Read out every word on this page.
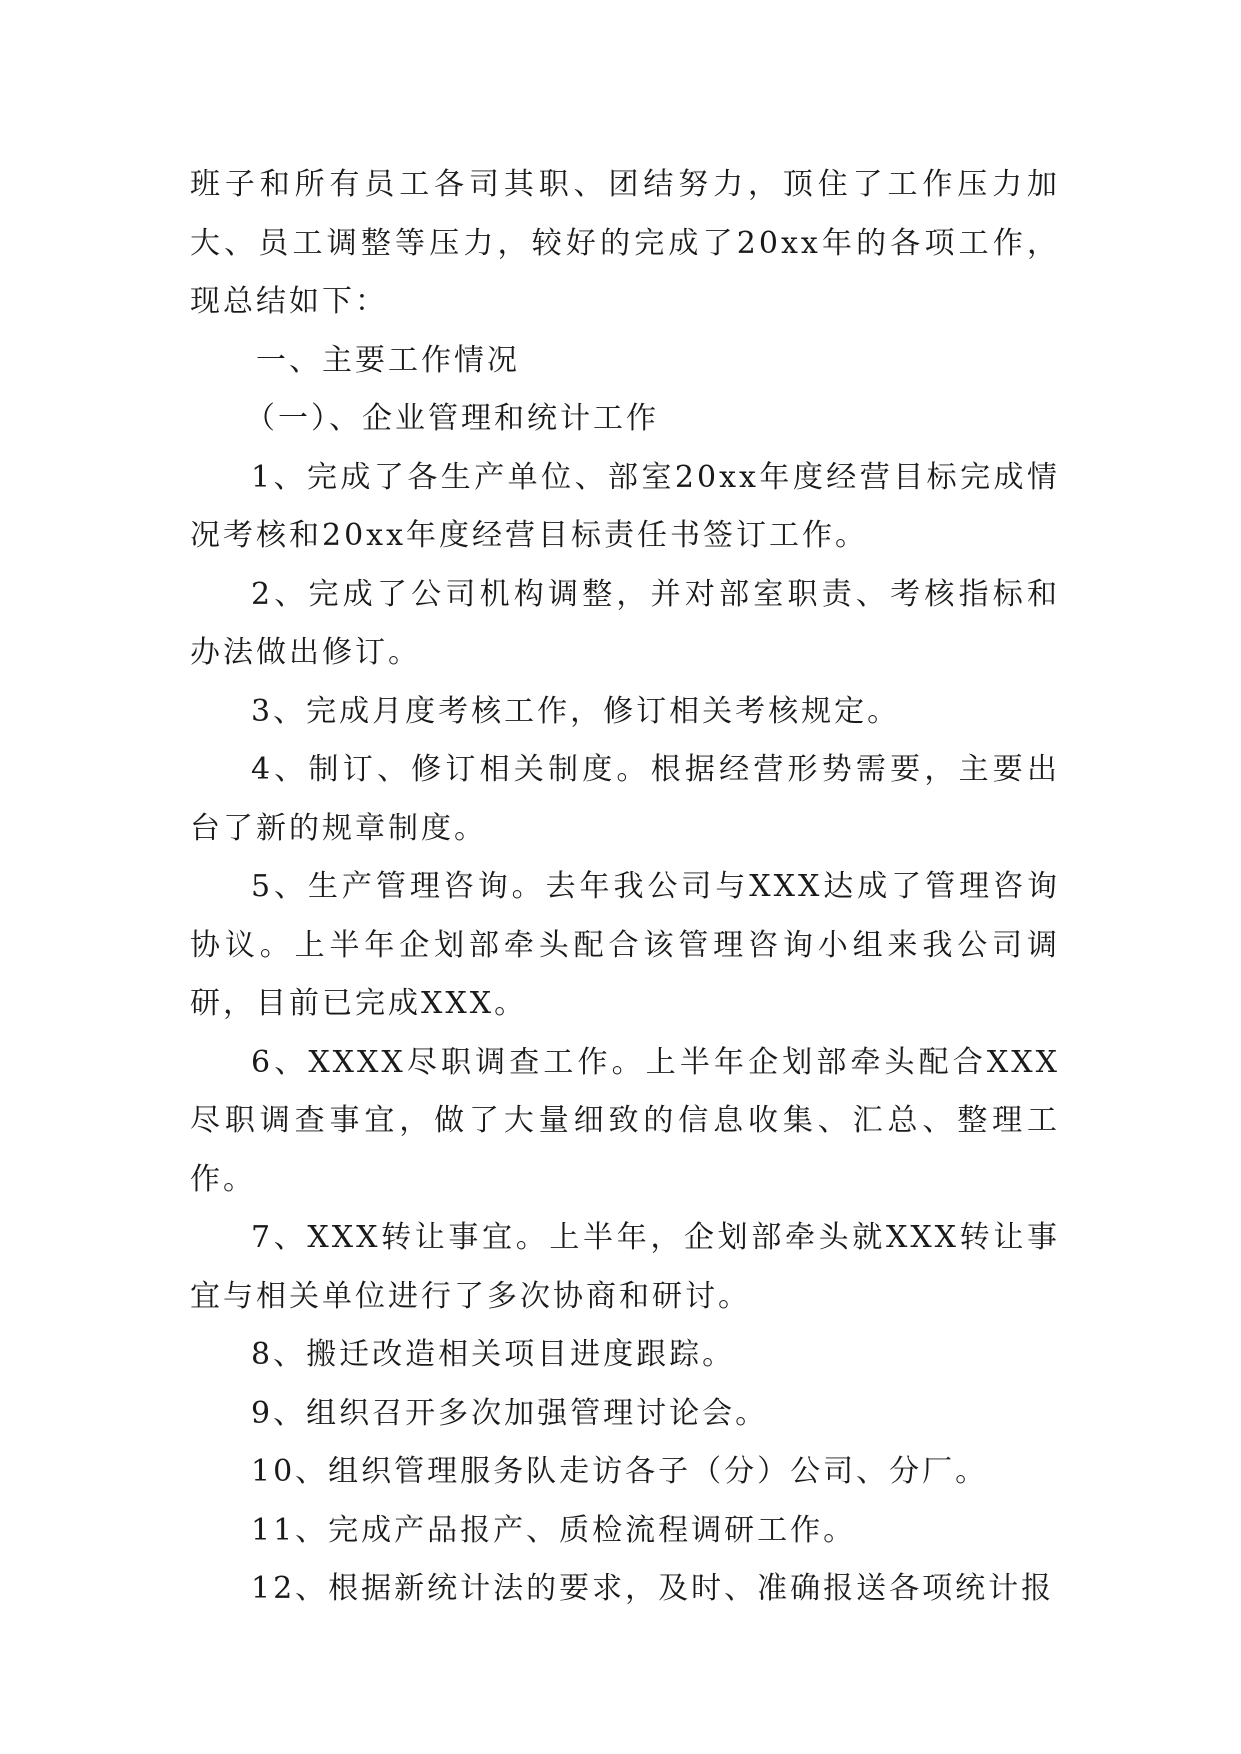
班子和所有员工各司其职、团结努力，顶住了工作压力加大、员工调整等压力，较好的完成了20xx年的各项工作，现总结如下：

一、主要工作情况

（一）、企业管理和统计工作

1、完成了各生产单位、部室20xx年度经营目标完成情况考核和20xx年度经营目标责任书签订工作。

2、完成了公司机构调整，并对部室职责、考核指标和办法做出修订。

3、完成月度考核工作，修订相关考核规定。

4、制订、修订相关制度。根据经营形势需要，主要出台了新的规章制度。

5、生产管理咨询。去年我公司与XXX达成了管理咨询协议。上半年企划部牵头配合该管理咨询小组来我公司调研，目前已完成XXX。

6、XXXX尽职调查工作。上半年企划部牵头配合XXX尽职调查事宜，做了大量细致的信息收集、汇总、整理工作。

7、XXX转让事宜。上半年，企划部牵头就XXX转让事宜与相关单位进行了多次协商和研讨。

8、搬迁改造相关项目进度跟踪。

9、组织召开多次加强管理讨论会。

10、组织管理服务队走访各子（分）公司、分厂。

11、完成产品报产、质检流程调研工作。

12、根据新统计法的要求，及时、准确报送各项统计报
